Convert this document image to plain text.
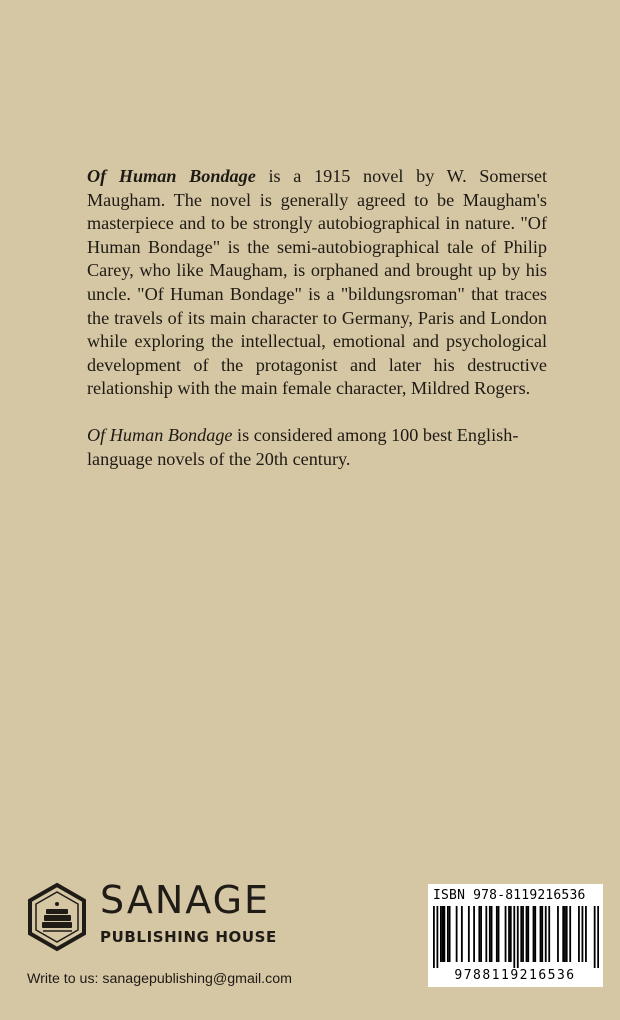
Of Human Bondage is a 1915 novel by W. Somerset Maugham. The novel is generally agreed to be Maugham's masterpiece and to be strongly autobiographical in nature. "Of Human Bondage" is the semi-autobiographical tale of Philip Carey, who like Maugham, is orphaned and brought up by his uncle. "Of Human Bondage" is a "bildungsroman" that traces the travels of its main character to Germany, Paris and London while exploring the intellectual, emotional and psychological development of the protagonist and later his destructive relationship with the main female character, Mildred Rogers.

Of Human Bondage is considered among 100 best English-language novels of the 20th century.

SANAGE
PUBLISHING HOUSE
Write to us: sanagepublishing@gmail.com
ISBN 978-8119216536
9788119216536
